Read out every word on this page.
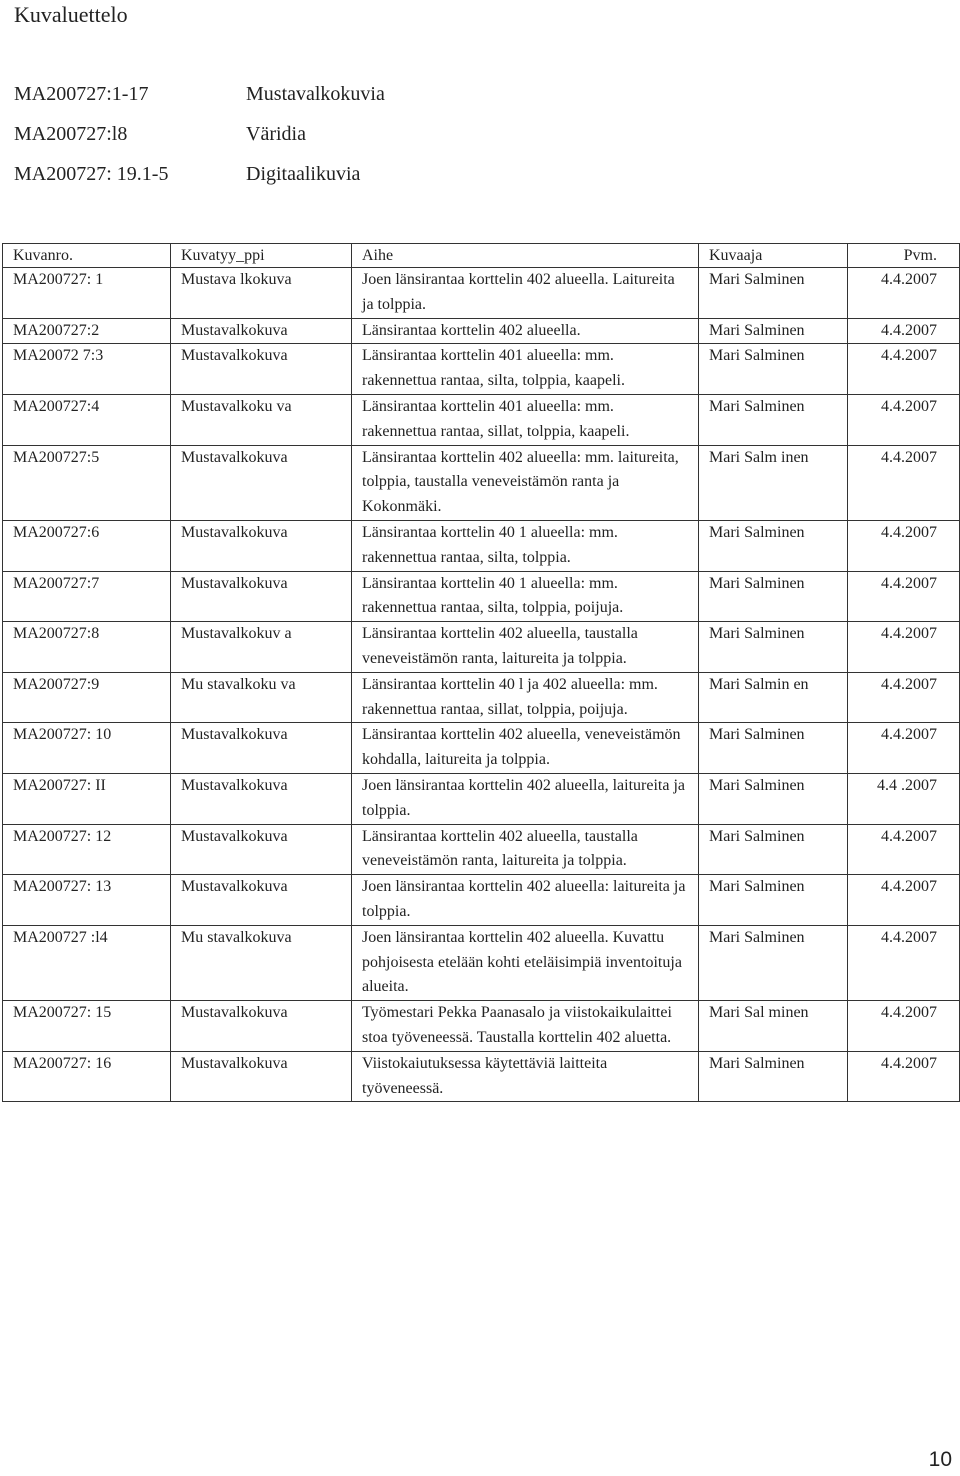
Kuvaluettelo
MA200727:1-17	Mustavalkokuvia
MA200727:l8	Väridia
MA200727: 19.1-5	Digitaalikuvia
Kuvanro.	Kuvatyy_ppi	Aihe	Kuvaaja	Pvm.
MA200727: 1	Mustava lkokuva	Joen länsirantaa korttelin 402 alueella. Laitureita ja tolppia.	Mari Salminen	4.4.2007
MA200727:2	Mustavalkokuva	Länsirantaa korttelin 402 alueella.	Mari Salminen	4.4.2007
MA20072 7:3	Mustavalkokuva	Länsirantaa korttelin 401 alueella: mm. rakennettua rantaa, silta, tolppia, kaapeli.	Mari Salminen	4.4.2007
MA200727:4	Mustavalkoku va	Länsirantaa korttelin 401 alueella: mm. rakennettua rantaa, sillat, tolppia, kaapeli.	Mari Salminen	4.4.2007
MA200727:5	Mustavalkokuva	Länsirantaa korttelin 402 alueella: mm. laitureita, tolppia, taustalla veneveistämön ranta ja Kokonmäki.	Mari Salm inen	4.4.2007
MA200727:6	Mustavalkokuva	Länsirantaa korttelin 40 1 alueella: mm. rakennettua rantaa, silta, tolppia.	Mari Salminen	4.4.2007
MA200727:7	Mustavalkokuva	Länsirantaa korttelin 40 1 alueella: mm. rakennettua rantaa, silta, tolppia, poijuja.	Mari Salminen	4.4.2007
MA200727:8	Mustavalkokuv a	Länsirantaa korttelin 402 alueella, taustalla veneveistämön ranta, laitureita ja tolppia.	Mari Salminen	4.4.2007
MA200727:9	Mu stavalkoku va	Länsirantaa korttelin 40 l ja 402 alueella: mm. rakennettua rantaa, sillat, tolppia, poijuja.	Mari Salmin en	4.4.2007
MA200727: 10	Mustavalkokuva	Länsirantaa korttelin 402 alueella, veneveistämön kohdalla, laitureita ja tolppia.	Mari Salminen	4.4.2007
MA200727: II	Mustavalkokuva	Joen länsirantaa korttelin 402 alueella, laitureita ja tolppia.	Mari Salminen	4.4 .2007
MA200727: 12	Mustavalkokuva	Länsirantaa korttelin 402 alueella, taustalla veneveistämön ranta, laitureita ja tolppia.	Mari Salminen	4.4.2007
MA200727: 13	Mustavalkokuva	Joen länsirantaa korttelin 402 alueella: laitureita ja tolppia.	Mari Salminen	4.4.2007
MA200727 :l4	Mu stavalkokuva	Joen länsirantaa korttelin 402 alueella. Kuvattu pohjoisesta etelään kohti eteläisimpiä inventoituja alueita.	Mari Salminen	4.4.2007
MA200727: 15	Mustavalkokuva	Työmestari Pekka Paanasalo ja viistokaikulaittei stoa työveneessä. Taustalla korttelin 402 aluetta.	Mari Sal minen	4.4.2007
MA200727: 16	Mustavalkokuva	Viistokaiutuksessa käytettäviä laitteita työveneessä.	Mari Salminen	4.4.2007
10
